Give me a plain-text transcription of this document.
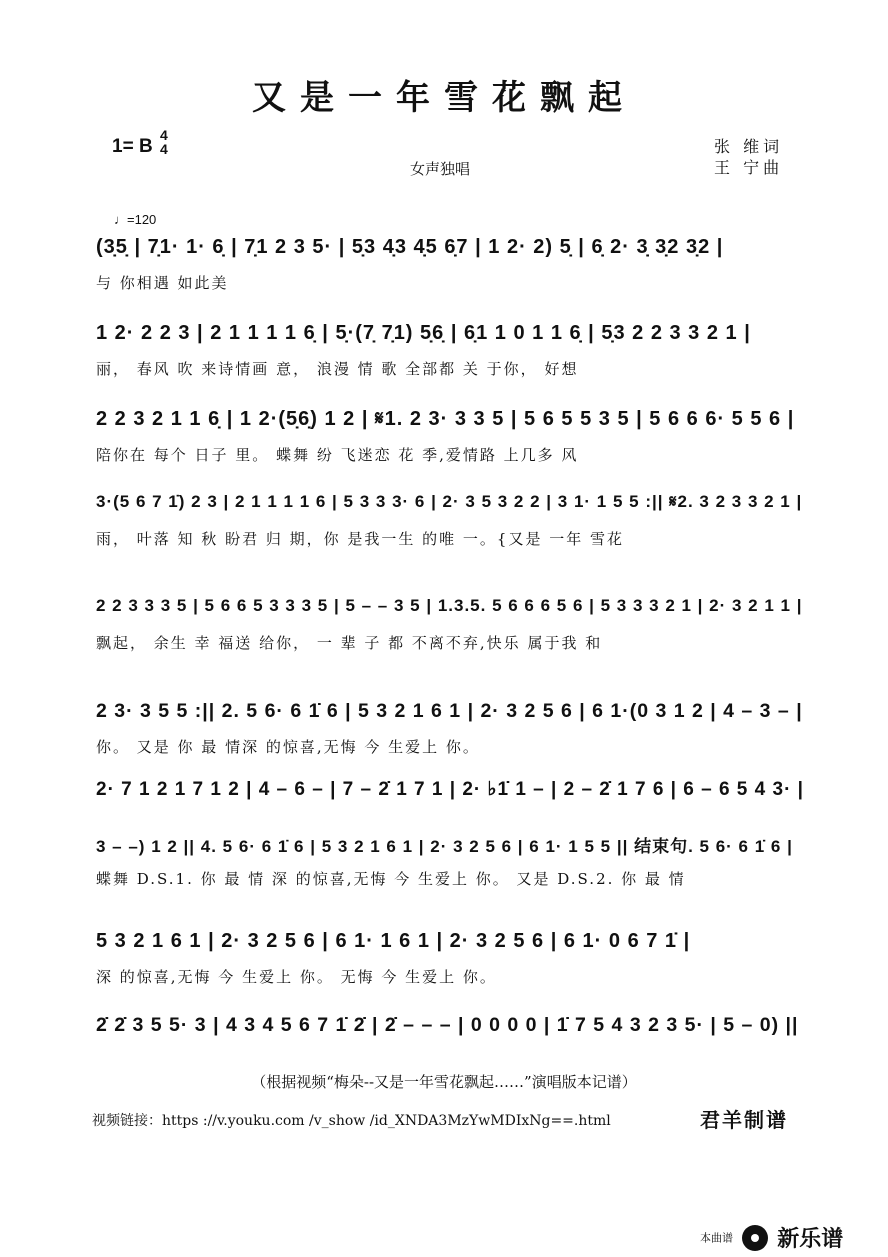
又是一年雪花飘起
1= B
4
4
女声独唱
张 维词
王 宁曲
♩=120
(3̣5̣ | 7̣1· 1· 6̣ | 7̣1 2 3 5· | 5̣3 4̣3 4̣5 6̣7 | 1 2· 2) 5̣ | 6̣ 2· 3̣ 3̣2 3̣2 |
与 你相遇 如此美
1 2· 2 2 3 | 2 1 1 1 1 6̣ | 5̣·(7̣ 7̣1) 5̣6̣ | 6̣1 1 0 1 1 6̣ | 5̣3 2 2 3 3 2 1 |
丽， 春风 吹 来诗情画 意， 浪漫 情 歌 全部都 关 于你， 好想
2 2 3 2 1 1 6̣ | 1 2·(5̣6̣) 1 2 | 𝄋1. 2 3· 3 3 5 | 5 6 5 5 3 5 | 5 6 6 6· 5 5 6 |
陪你在 每个 日子 里。 蝶舞 纷 飞迷恋 花 季,爱情路 上几多 风
3·(5 6 7 1̇) 2 3 | 2 1 1 1 1 6 | 5 3 3 3· 6 | 2· 3 5 3 2 2 | 3 1· 1 5 5 :|| 𝄋2. 3 2 3 3 2 1 |
雨， 叶落 知 秋 盼君 归 期，你 是我一生 的唯 一。{又是 一年 雪花
2 2 3 3 3 5 | 5 6 6 5 3 3 3 5 | 5 – – 3 5 | 1.3.5. 5 6 6 6 5 6 | 5 3 3 3 2 1 | 2· 3 2 1 1 |
飘起， 余生 幸 福送 给你， 一 辈 子 都 不离不弃,快乐 属于我 和
2 3· 3 5 5 :|| 2. 5 6· 6 1̇ 6 | 5 3 2 1 6 1 | 2· 3 2 5 6 | 6 1·(0 3 1 2 | 4 – 3 – |
你。 又是 你 最 情深 的惊喜,无悔 今 生爱上 你。
2· 7 1 2 1 7 1 2 | 4 – 6 – | 7 – 2̇ 1 7 1 | 2· ♭1̇ 1 – | 2 – 2̇ 1 7 6 | 6 – 6 5 4 3· |
3 – –) 1 2 || 4. 5 6· 6 1̇ 6 | 5 3 2 1 6 1 | 2· 3 2 5 6 | 6 1· 1 5 5 || 结束句. 5 6· 6 1̇ 6 |
蝶舞 D.S.1. 你 最 情 深 的惊喜,无悔 今 生爱上 你。 又是 D.S.2. 你 最 情
5 3 2 1 6 1 | 2· 3 2 5 6 | 6 1· 1 6 1 | 2· 3 2 5 6 | 6 1· 0 6 7 1̇ |
深 的惊喜,无悔 今 生爱上 你。 无悔 今 生爱上 你。
2̇ 2̇ 3 5 5· 3 | 4 3 4 5 6 7 1̇ 2̇ | 2̇ – – – | 0 0 0 0 | 1̇ 7 5 4 3 2 3 5· | 5 – 0) ||
（根据视频“梅朵--又是一年雪花飘起……”演唱版本记谱）
视频链接：https ://v.youku.com /v_show /id_XNDA3MzYwMDIxNg==.html	君羊制谱
本曲谱 新乐谱
